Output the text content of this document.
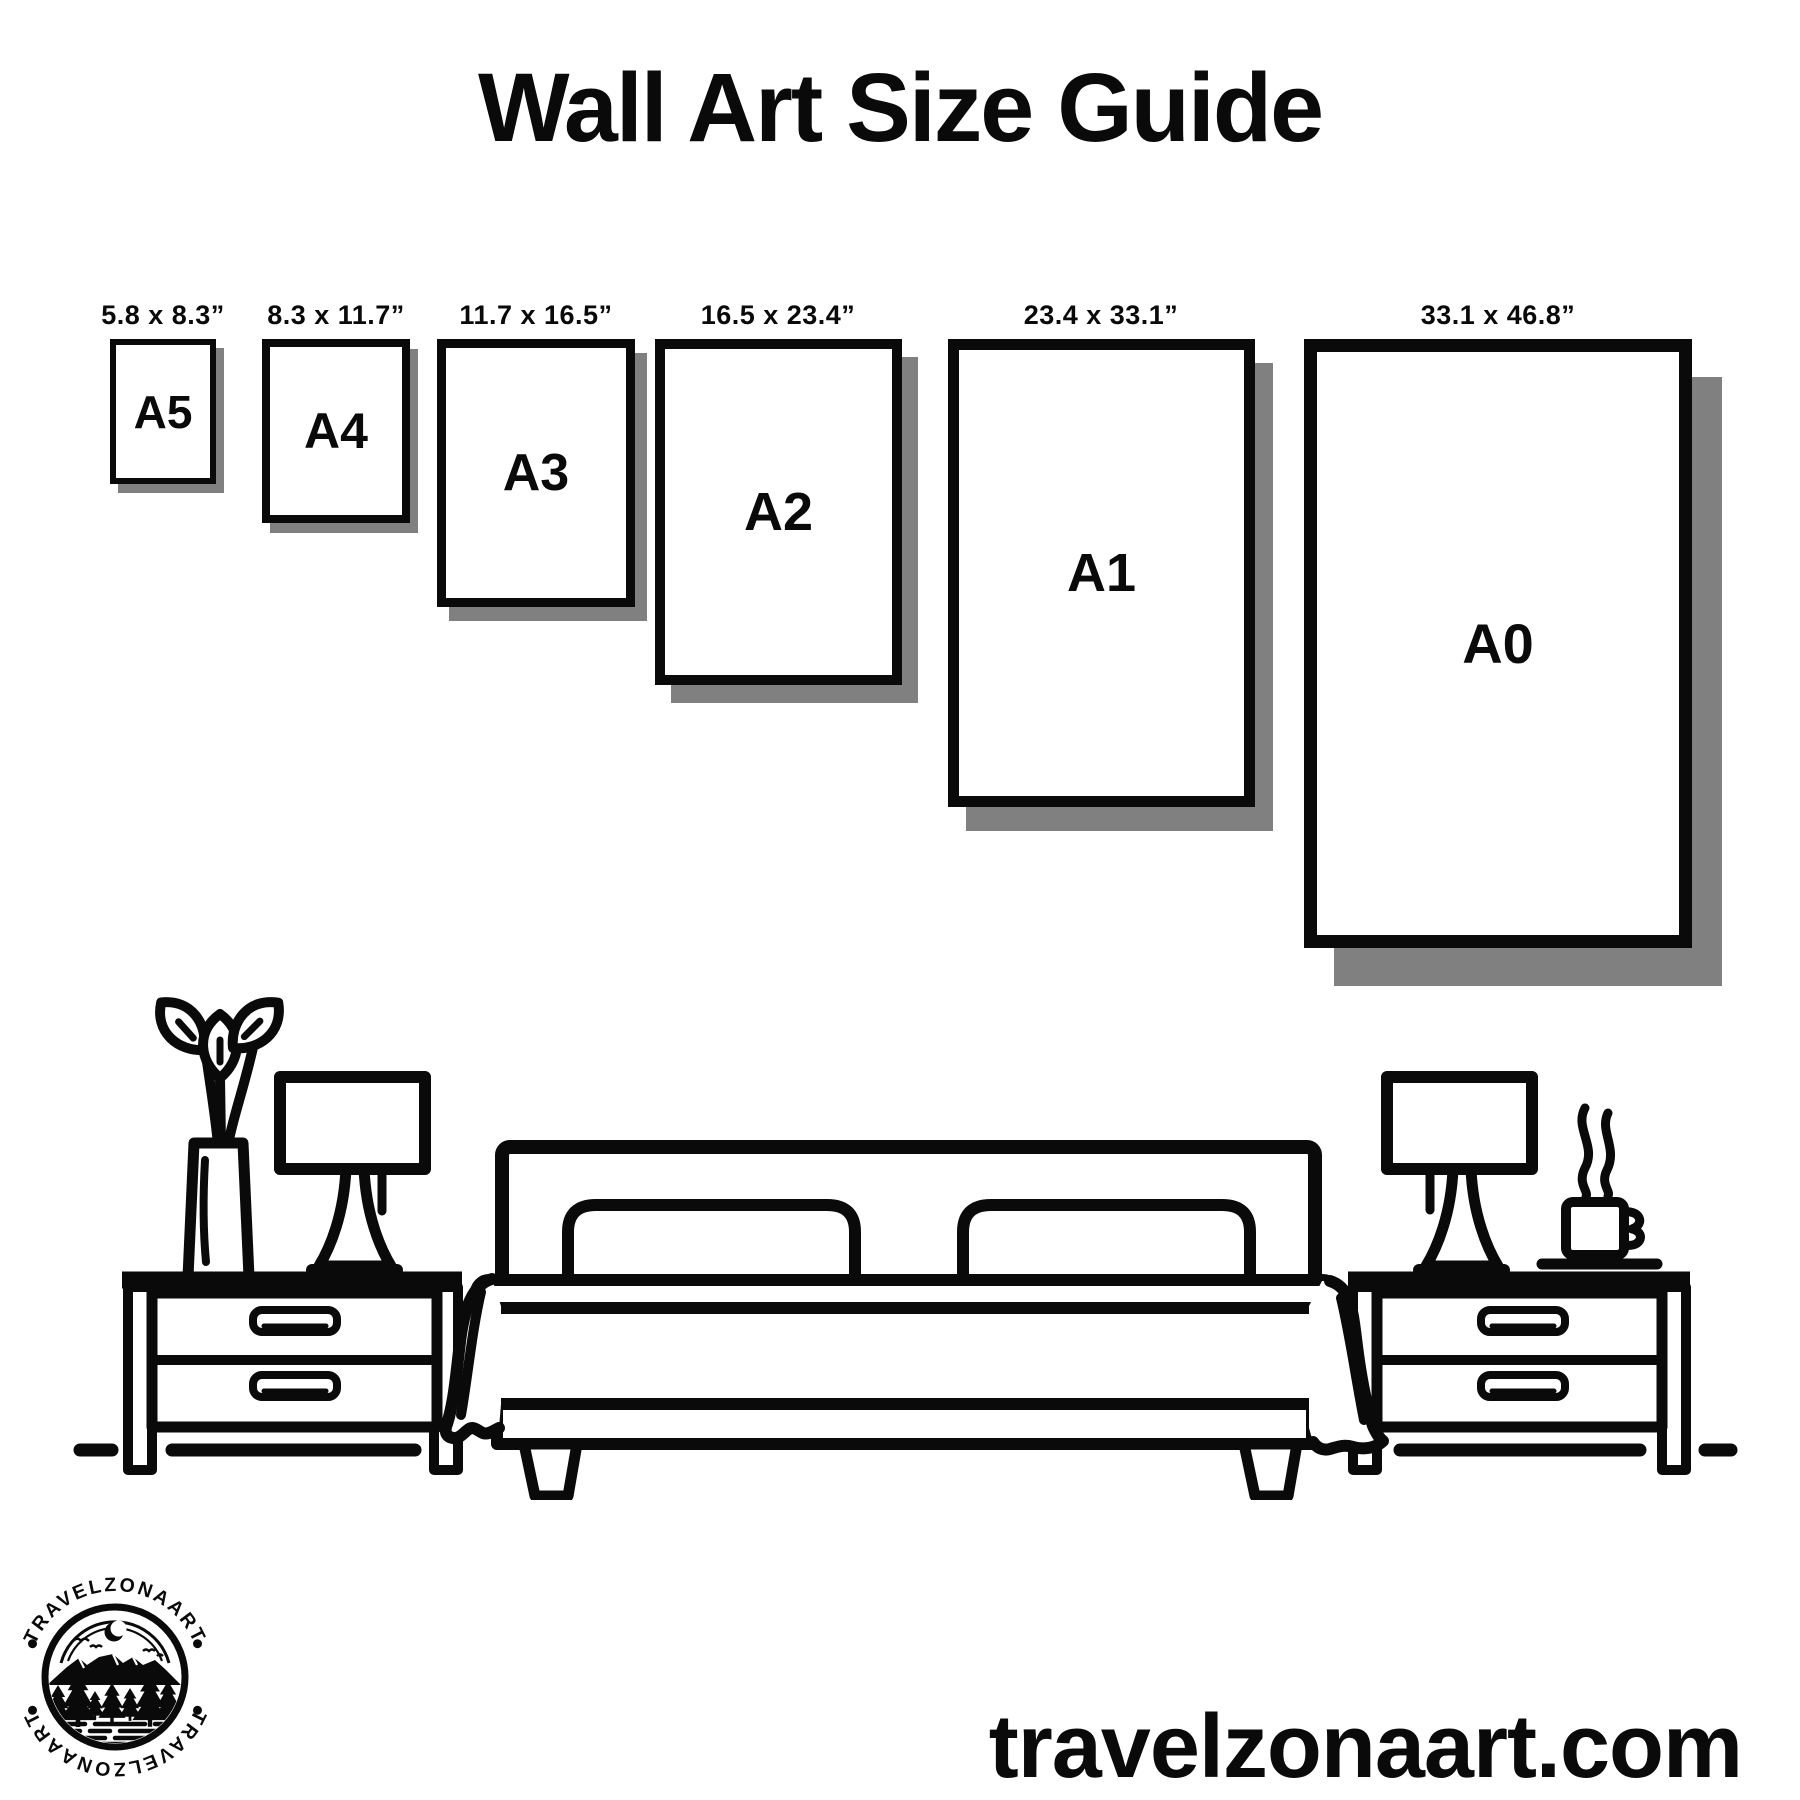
Wall Art Size Guide
5.8 x 8.3” 8.3 x 11.7” 11.7 x 16.5”	16.5 x 23.4”	23.4 x 33.1”	33.1 x 46.8”
A5 A4
A3
A2
A1
A0
TRAVELZONAART
TRAVELZONAART	travelzonaart.com
